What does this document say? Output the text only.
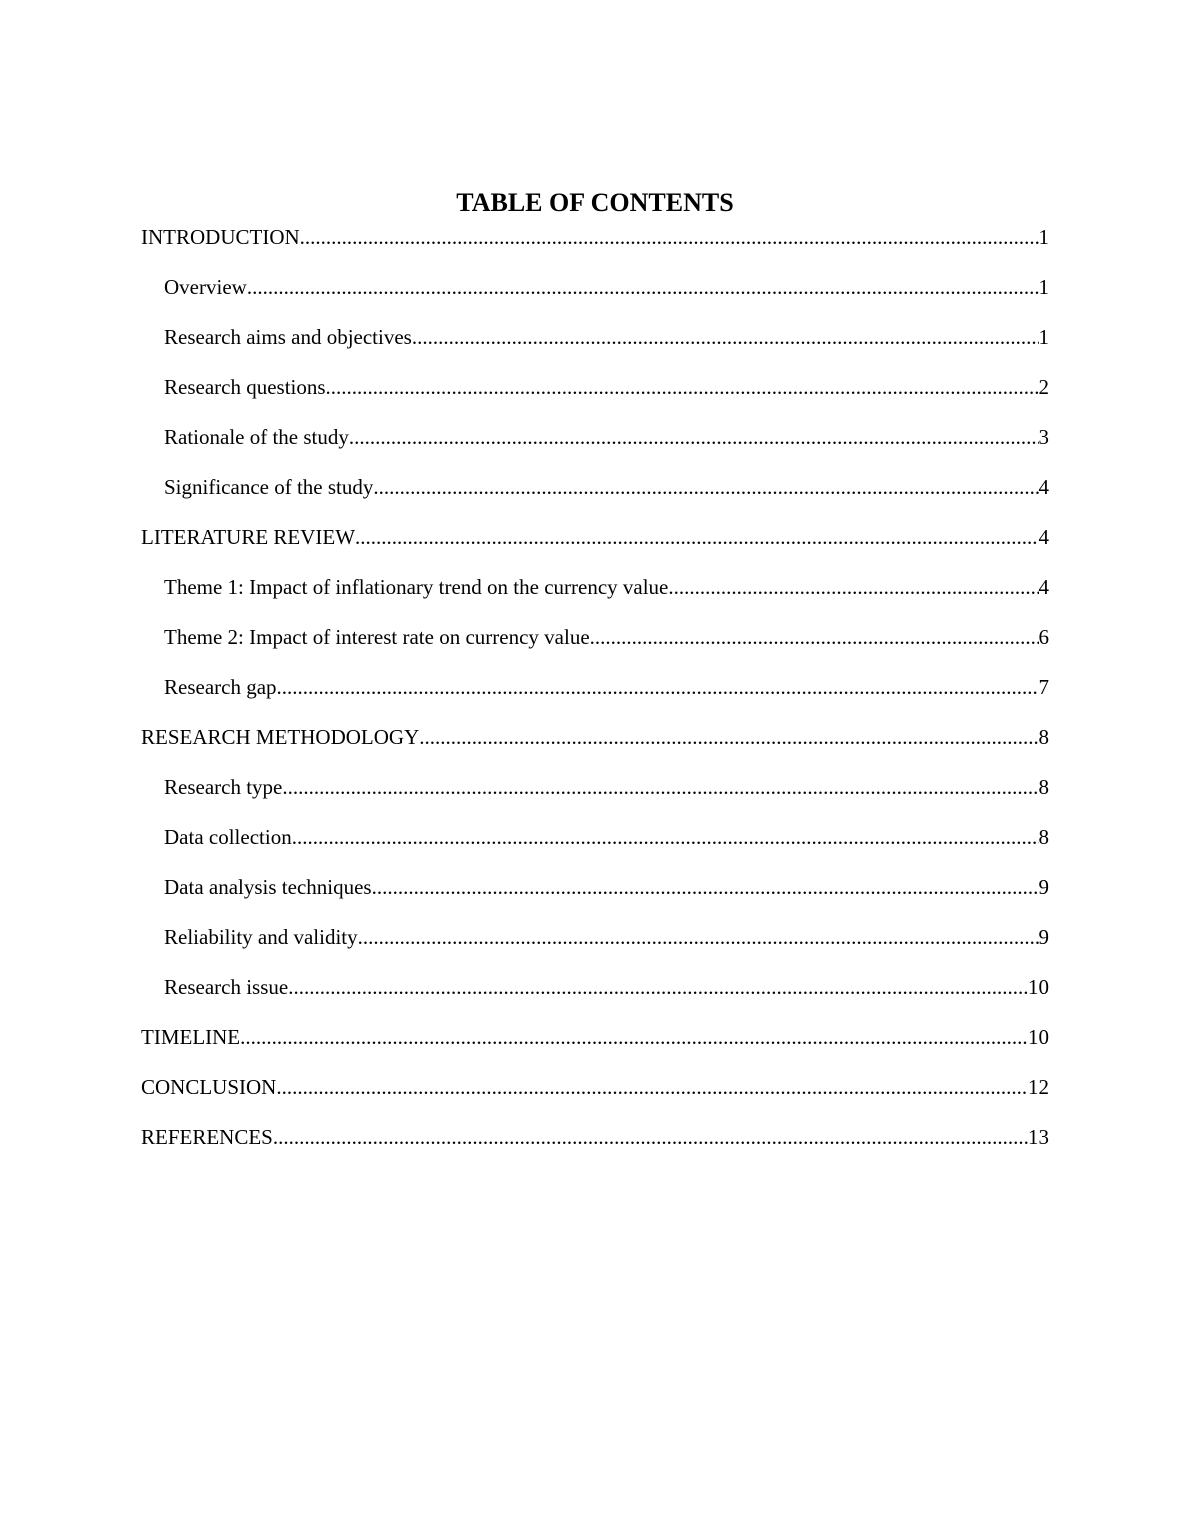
TABLE OF CONTENTS
INTRODUCTION .....	1
Overview .....	1
Research aims and objectives .....	1
Research questions .....	2
Rationale of the study .....	3
Significance of the study .....	4
LITERATURE REVIEW .....	4
Theme 1: Impact of inflationary trend on the currency value .....	4
Theme 2: Impact of interest rate on currency value .....	6
Research gap .....	7
RESEARCH METHODOLOGY .....	8
Research type .....	8
Data collection .....	8
Data analysis techniques .....	9
Reliability and validity .....	9
Research issue .....	10
TIMELINE .....	10
CONCLUSION .....	12
REFERENCES .....	13
